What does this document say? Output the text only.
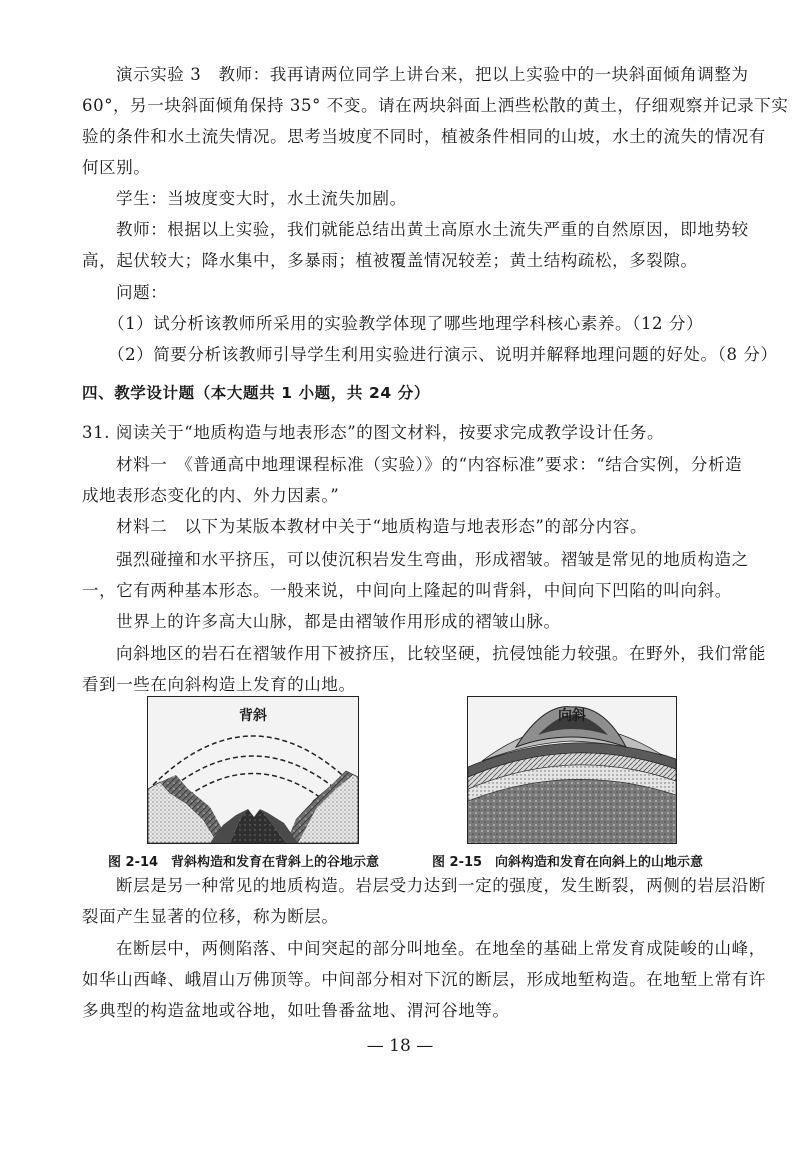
演示实验 3　教师：我再请两位同学上讲台来，把以上实验中的一块斜面倾角调整为
60°，另一块斜面倾角保持 35° 不变。请在两块斜面上洒些松散的黄土，仔细观察并记录下实
验的条件和水土流失情况。思考当坡度不同时，植被条件相同的山坡，水土的流失的情况有
何区别。
学生：当坡度变大时，水土流失加剧。
教师：根据以上实验，我们就能总结出黄土高原水土流失严重的自然原因，即地势较
高，起伏较大；降水集中，多暴雨；植被覆盖情况较差；黄土结构疏松，多裂隙。
问题：
（1）试分析该教师所采用的实验教学体现了哪些地理学科核心素养。（12 分）
（2）简要分析该教师引导学生利用实验进行演示、说明并解释地理问题的好处。（8 分）
四、教学设计题（本大题共 1 小题，共 24 分）
31. 阅读关于“地质构造与地表形态”的图文材料，按要求完成教学设计任务。
材料一　《普通高中地理课程标准（实验）》的“内容标准”要求：“结合实例，分析造
成地表形态变化的内、外力因素。”
材料二　以下为某版本教材中关于“地质构造与地表形态”的部分内容。
强烈碰撞和水平挤压，可以使沉积岩发生弯曲，形成褶皱。褶皱是常见的地质构造之
一，它有两种基本形态。一般来说，中间向上隆起的叫背斜，中间向下凹陷的叫向斜。
世界上的许多高大山脉，都是由褶皱作用形成的褶皱山脉。
向斜地区的岩石在褶皱作用下被挤压，比较坚硬，抗侵蚀能力较强。在野外，我们常能
看到一些在向斜构造上发育的山地。
背斜	向斜
图 2-14　背斜构造和发育在背斜上的谷地示意	图 2-15　向斜构造和发育在向斜上的山地示意
断层是另一种常见的地质构造。岩层受力达到一定的强度，发生断裂，两侧的岩层沿断
裂面产生显著的位移，称为断层。
在断层中，两侧陷落、中间突起的部分叫地垒。在地垒的基础上常发育成陡峻的山峰，
如华山西峰、峨眉山万佛顶等。中间部分相对下沉的断层，形成地堑构造。在地堑上常有许
多典型的构造盆地或谷地，如吐鲁番盆地、渭河谷地等。
— 18 —
